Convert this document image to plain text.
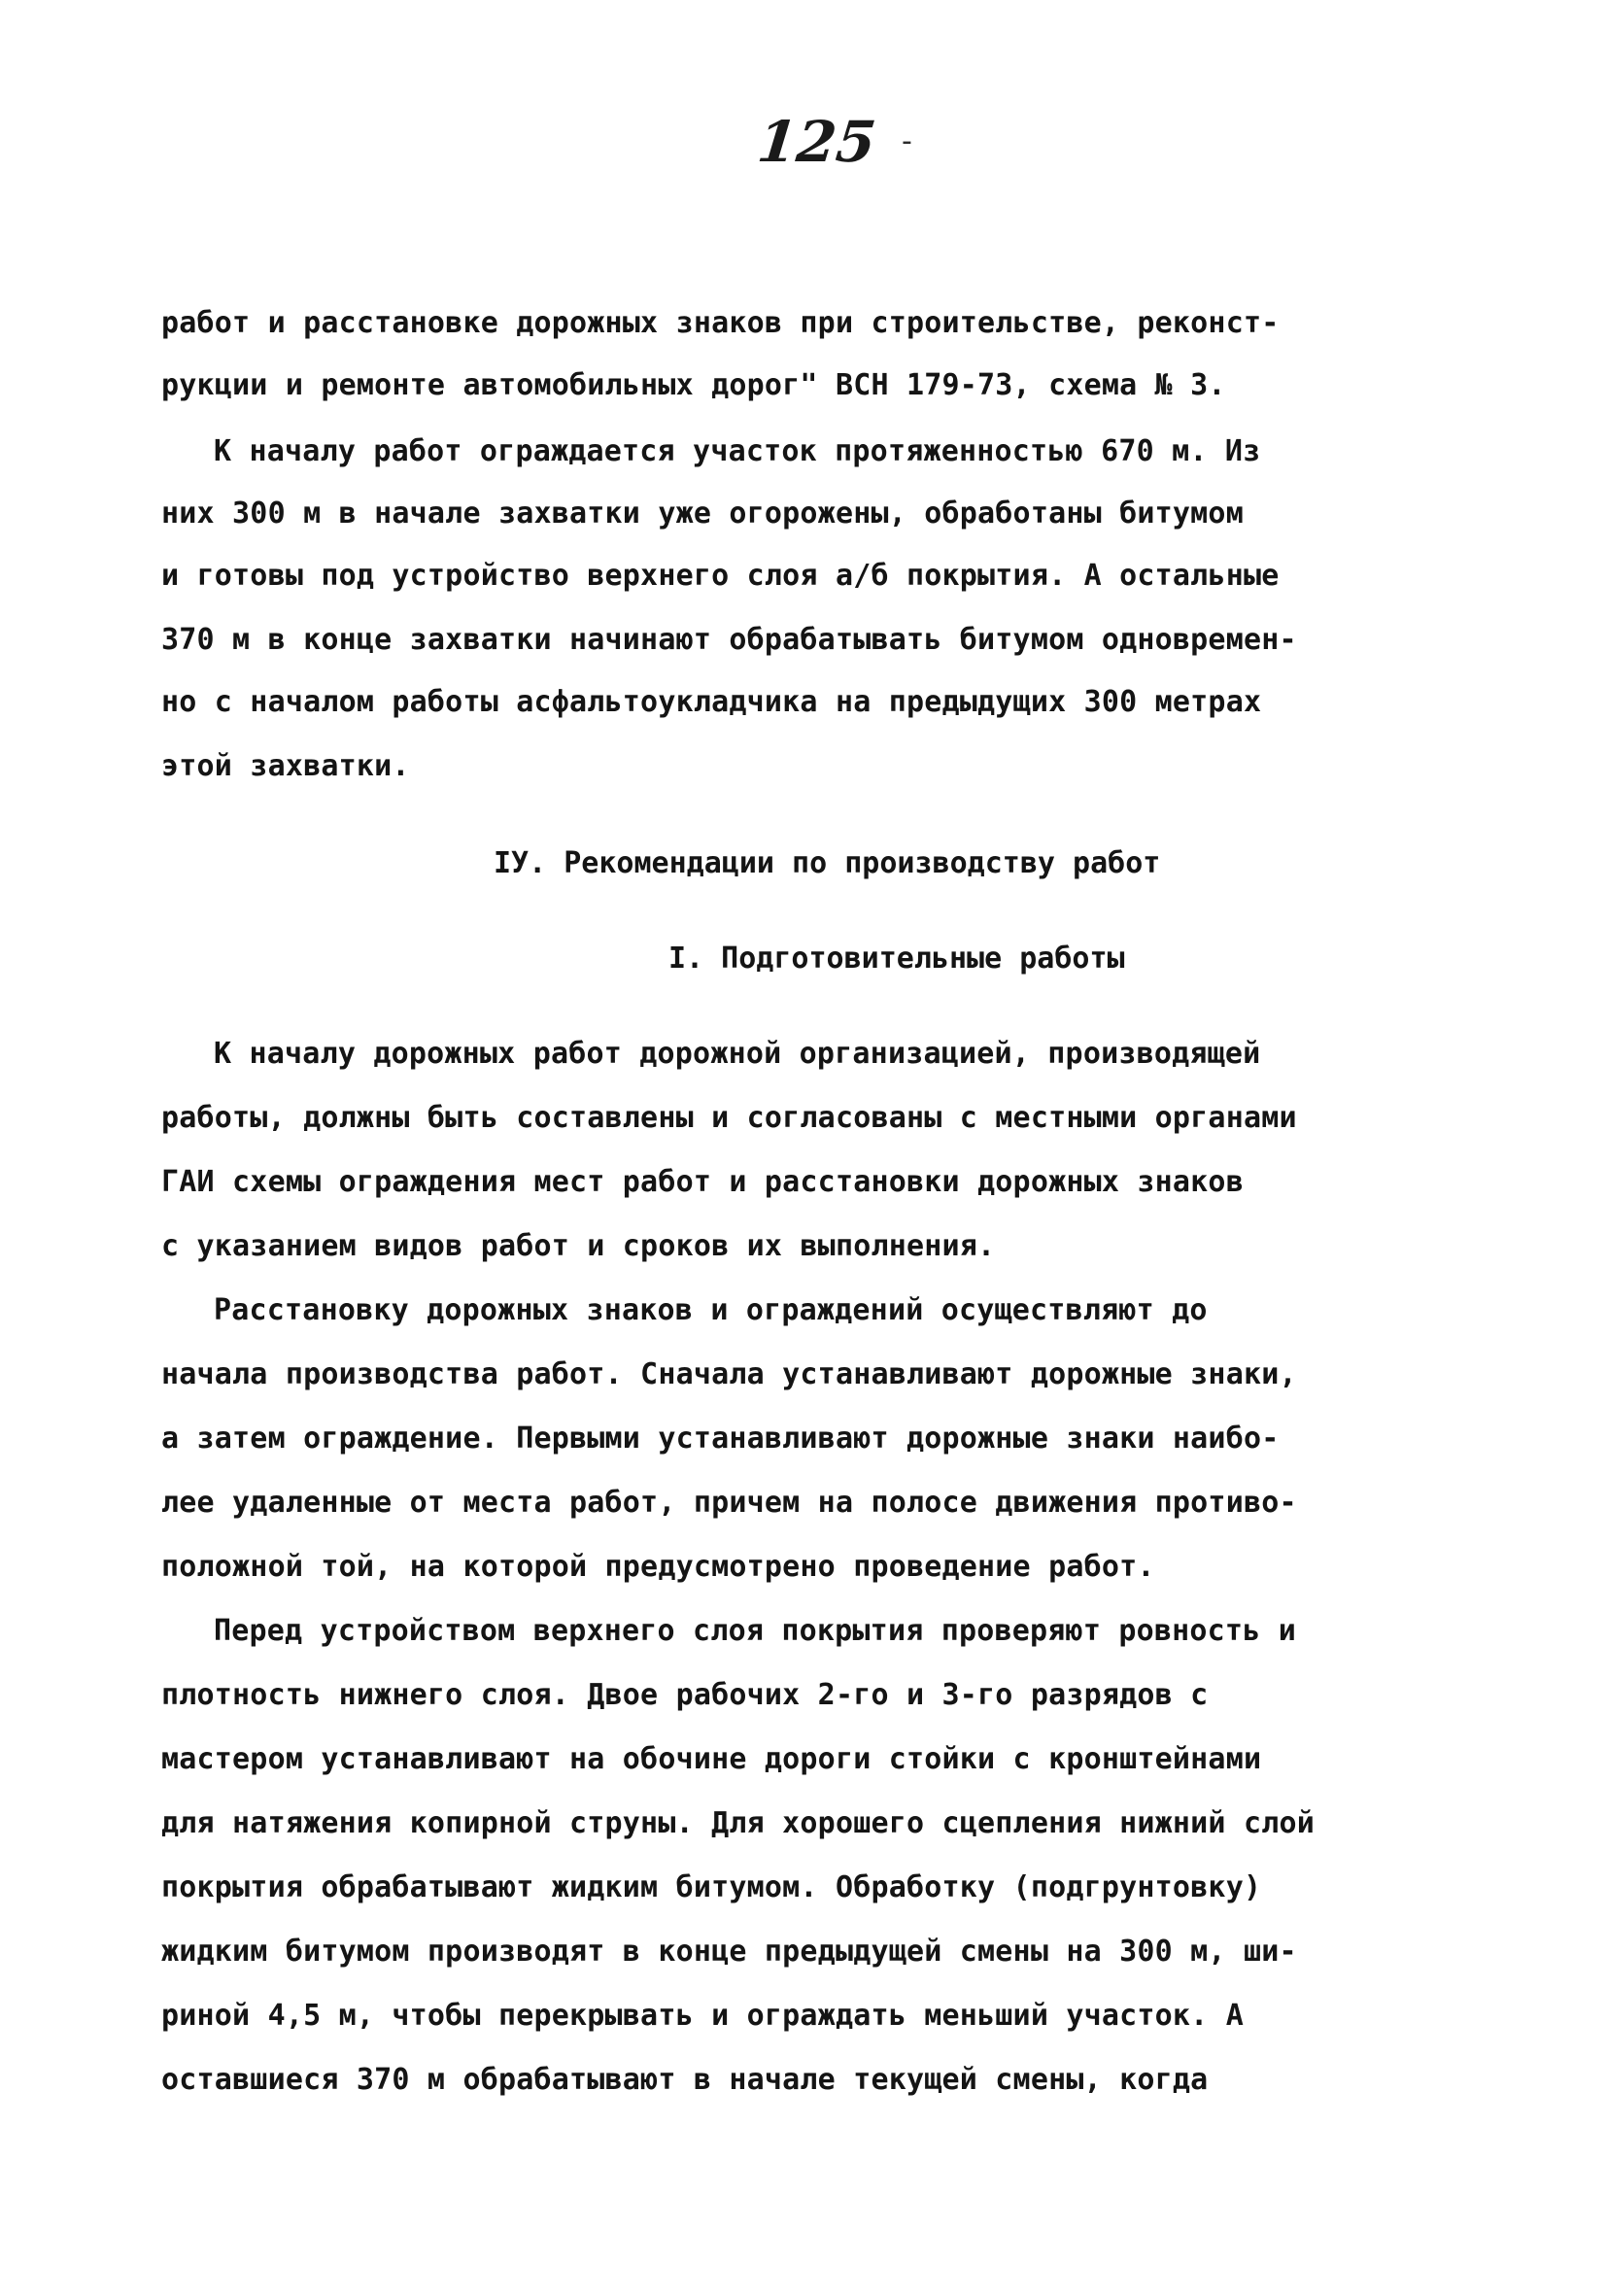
125 -
работ и расстановке дорожных знаков при строительстве, реконст-
рукции и ремонте автомобильных дорог" ВСН 179-73, схема № 3.
К началу работ ограждается участок протяженностью 670 м. Из
них 300 м в начале захватки уже огорожены, обработаны битумом
и готовы под устройство верхнего слоя а/б покрытия. А остальные
370 м в конце захватки начинают обрабатывать битумом одновремен-
но с началом работы асфальтоукладчика на предыдущих 300 метрах
этой захватки.
IУ. Рекомендации по производству работ
I. Подготовительные работы
К началу дорожных работ дорожной организацией, производящей
работы, должны быть составлены и согласованы с местными органами
ГАИ схемы ограждения мест работ и расстановки дорожных знаков
с указанием видов работ и сроков их выполнения.
Расстановку дорожных знаков и ограждений осуществляют до
начала производства работ. Сначала устанавливают дорожные знаки,
а затем ограждение. Первыми устанавливают дорожные знаки наибо-
лее удаленные от места работ, причем на полосе движения противо-
положной той, на которой предусмотрено проведение работ.
Перед устройством верхнего слоя покрытия проверяют ровность и
плотность нижнего слоя. Двое рабочих 2-го и 3-го разрядов с
мастером устанавливают на обочине дороги стойки с кронштейнами
для натяжения копирной струны. Для хорошего сцепления нижний слой
покрытия обрабатывают жидким битумом. Обработку (подгрунтовку)
жидким битумом производят в конце предыдущей смены на 300 м, ши-
риной 4,5 м, чтобы перекрывать и ограждать меньший участок. А
оставшиеся 370 м обрабатывают в начале текущей смены, когда
